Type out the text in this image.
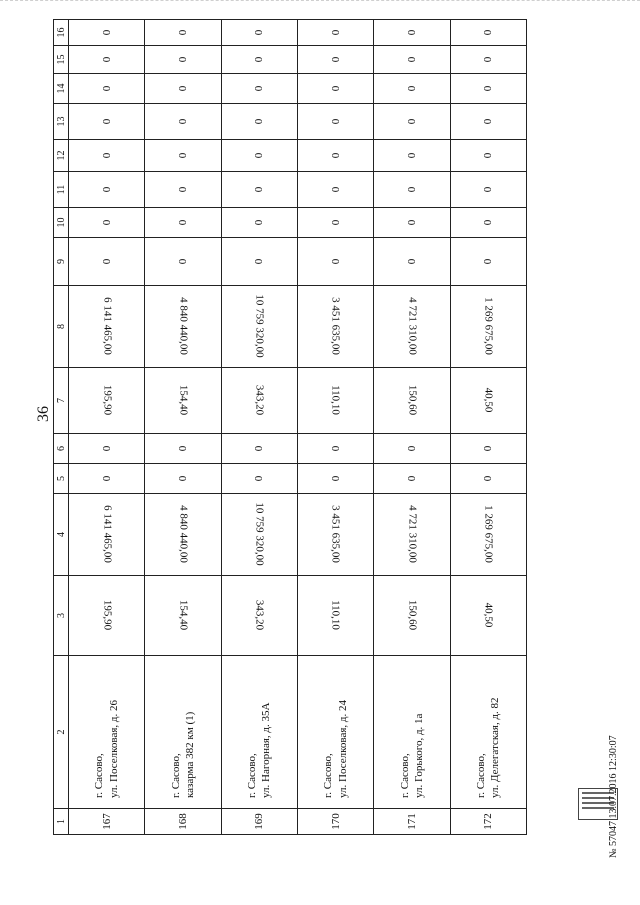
36
1	2	3	4	5	6	7	8	9	10	11	12	13	14	15	16
167	г. Сасово, ул. Поселковая, д. 26	195,90	6 141 465,00	0	0	195,90	6 141 465,00	0	0	0	0	0	0	0	0
168	г. Сасово, казарма 382 км (1)	154,40	4 840 440,00	0	0	154,40	4 840 440,00	0	0	0	0	0	0	0	0
169	г. Сасово, ул. Нагорная, д. 35А	343,20	10 759 320,00	0	0	343,20	10 759 320,00	0	0	0	0	0	0	0	0
170	г. Сасово, ул. Поселковая, д. 24	110,10	3 451 635,00	0	0	110,10	3 451 635,00	0	0	0	0	0	0	0	0
171	г. Сасово, ул. Горького, д. 1а	150,60	4 721 310,00	0	0	150,60	4 721 310,00	0	0	0	0	0	0	0	0
172	г. Сасово, ул. Делегатская, д. 82	40,50	1 269 675,00	0	0	40,50	1 269 675,00	0	0	0	0	0	0	0	0
№ 57047 13.07.2016 12:30:07
